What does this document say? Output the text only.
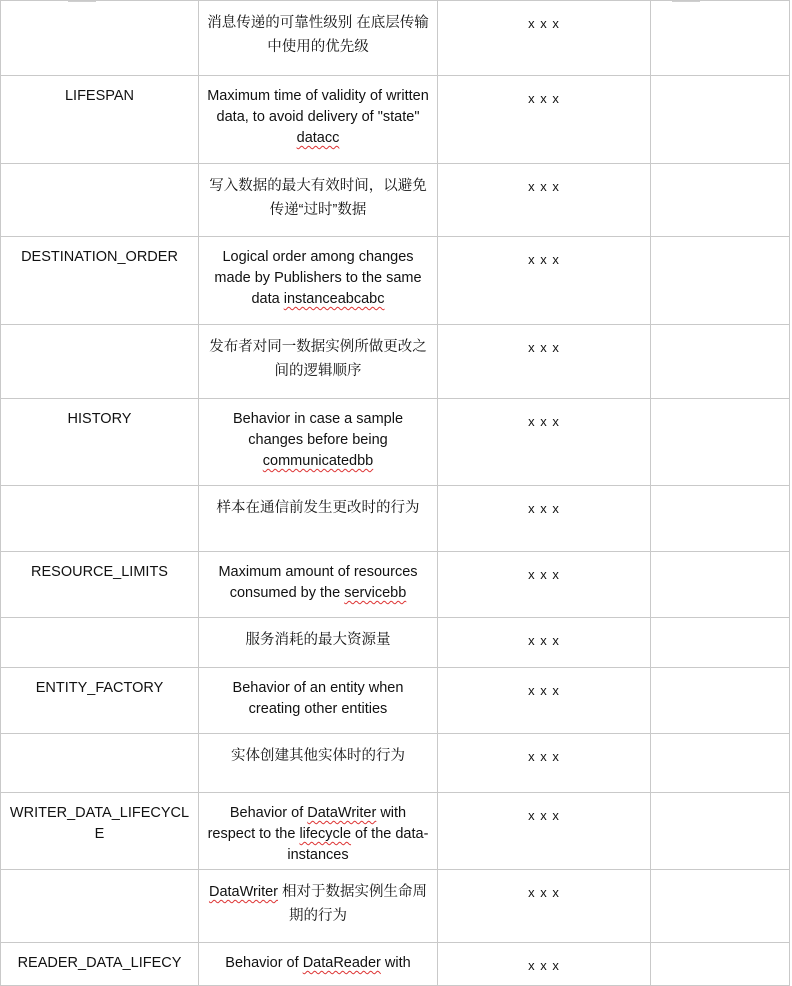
	消息传递的可靠性级别 在底层传输中使用的优先级	x x x	

LIFESPAN	Maximum time of validity of written data, to avoid delivery of "state" datacc	x x x	

	写入数据的最大有效时间，以避免传递“过时”数据	x x x	

DESTINATION_ORDER	Logical order among changes made by Publishers to the same data instanceabcabc	x x x	

	发布者对同一数据实例所做更改之间的逻辑顺序	x x x	

HISTORY	Behavior in case a sample changes before being communicatedbb	x x x	

	样本在通信前发生更改时的行为	x x x	

RESOURCE_LIMITS	Maximum amount of resources consumed by the servicebb	x x x	

	服务消耗的最大资源量	x x x	

ENTITY_FACTORY	Behavior of an entity when creating other entities	x x x	

	实体创建其他实体时的行为	x x x	

WRITER_DATA_LIFECYCLE	Behavior of DataWriter with respect to the lifecycle of the data-instances	x x x	

	DataWriter 相对于数据实例生命周期的行为	x x x	

READER_DATA_LIFECY	Behavior of DataReader with	x x x	
